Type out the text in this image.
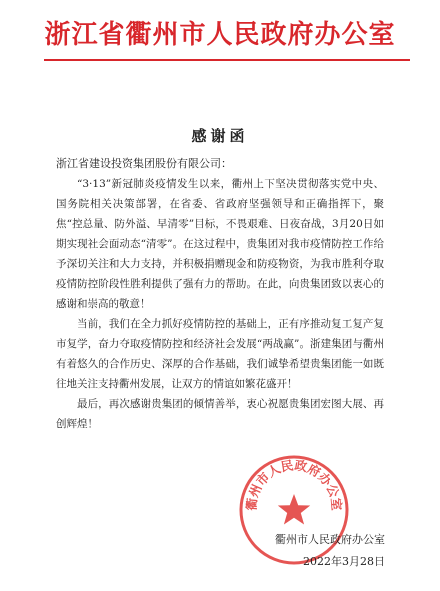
浙江省衢州市人民政府办公室
感谢函
浙江省建设投资集团股份有限公司：

“3·13”新冠肺炎疫情发生以来，衢州上下坚决贯彻落实党中央、国务院相关决策部署，在省委、省政府坚强领导和正确指挥下，聚焦“控总量、防外溢、早清零”目标，不畏艰难、日夜奋战，3月20日如期实现社会面动态“清零”。在这过程中，贵集团对我市疫情防控工作给予深切关注和大力支持，并积极捐赠现金和防疫物资，为我市胜利夺取疫情防控阶段性胜利提供了强有力的帮助。在此，向贵集团致以衷心的感谢和崇高的敬意！

当前，我们在全力抓好疫情防控的基础上，正有序推动复工复产复市复学，奋力夺取疫情防控和经济社会发展“两战赢”。浙建集团与衢州有着悠久的合作历史、深厚的合作基础，我们诚挚希望贵集团能一如既往地关注支持衢州发展，让双方的情谊如繁花盛开！

最后，再次感谢贵集团的倾情善举，衷心祝愿贵集团宏图大展、再创辉煌！

衢州市人民政府办公室
衢州市人民政府办公室
2022年3月28日
